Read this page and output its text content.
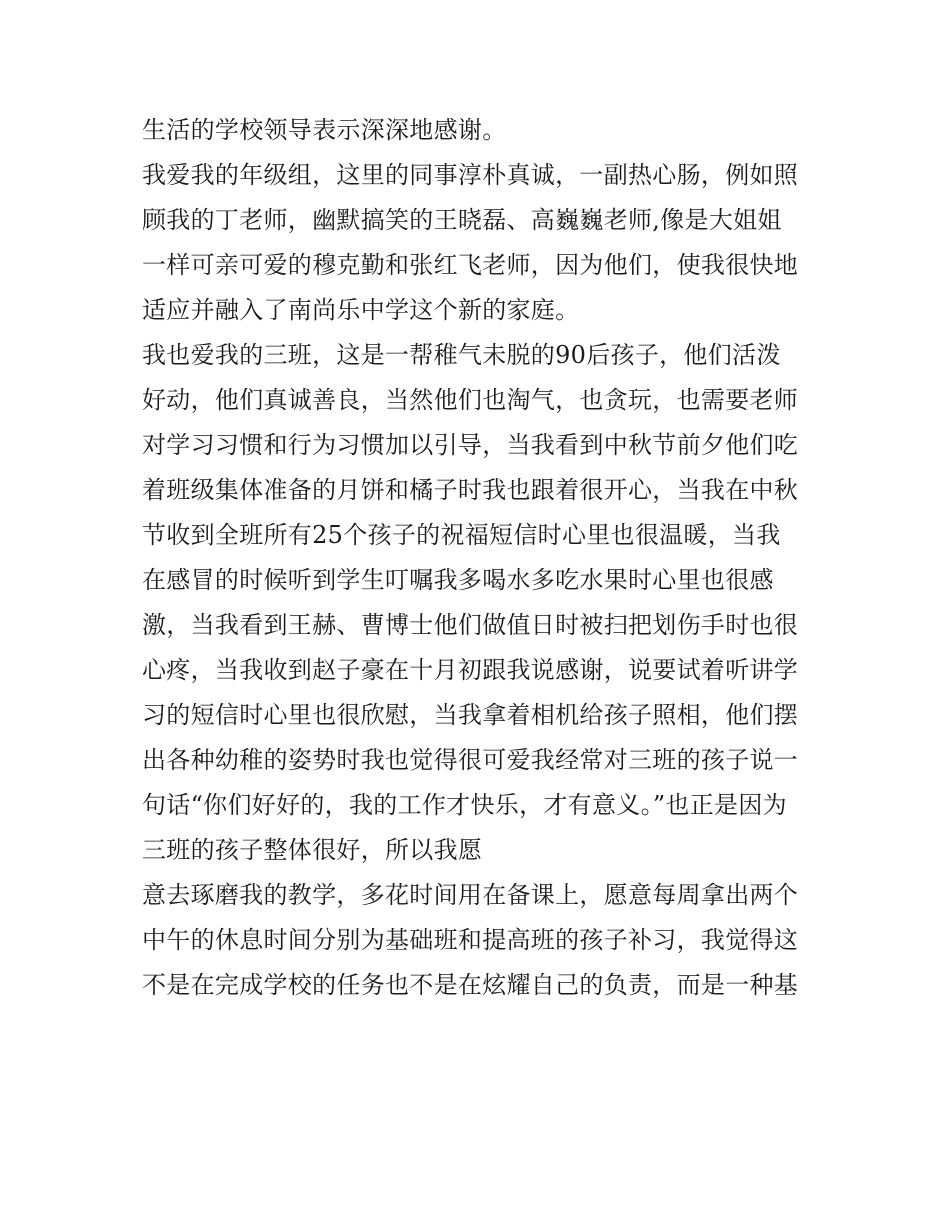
生活的学校领导表示深深地感谢。
我爱我的年级组，这里的同事淳朴真诚，一副热心肠，例如照
顾我的丁老师，幽默搞笑的王晓磊、高巍巍老师,像是大姐姐
一样可亲可爱的穆克勤和张红飞老师，因为他们，使我很快地
适应并融入了南尚乐中学这个新的家庭。
我也爱我的三班，这是一帮稚气未脱的90后孩子，他们活泼
好动，他们真诚善良，当然他们也淘气，也贪玩，也需要老师
对学习习惯和行为习惯加以引导，当我看到中秋节前夕他们吃
着班级集体准备的月饼和橘子时我也跟着很开心，当我在中秋
节收到全班所有25个孩子的祝福短信时心里也很温暖，当我
在感冒的时候听到学生叮嘱我多喝水多吃水果时心里也很感
激，当我看到王赫、曹博士他们做值日时被扫把划伤手时也很
心疼，当我收到赵子豪在十月初跟我说感谢，说要试着听讲学
习的短信时心里也很欣慰，当我拿着相机给孩子照相，他们摆
出各种幼稚的姿势时我也觉得很可爱我经常对三班的孩子说一
句话“你们好好的，我的工作才快乐，才有意义。”也正是因为
三班的孩子整体很好，所以我愿
意去琢磨我的教学，多花时间用在备课上，愿意每周拿出两个
中午的休息时间分别为基础班和提高班的孩子补习，我觉得这
不是在完成学校的任务也不是在炫耀自己的负责，而是一种基
